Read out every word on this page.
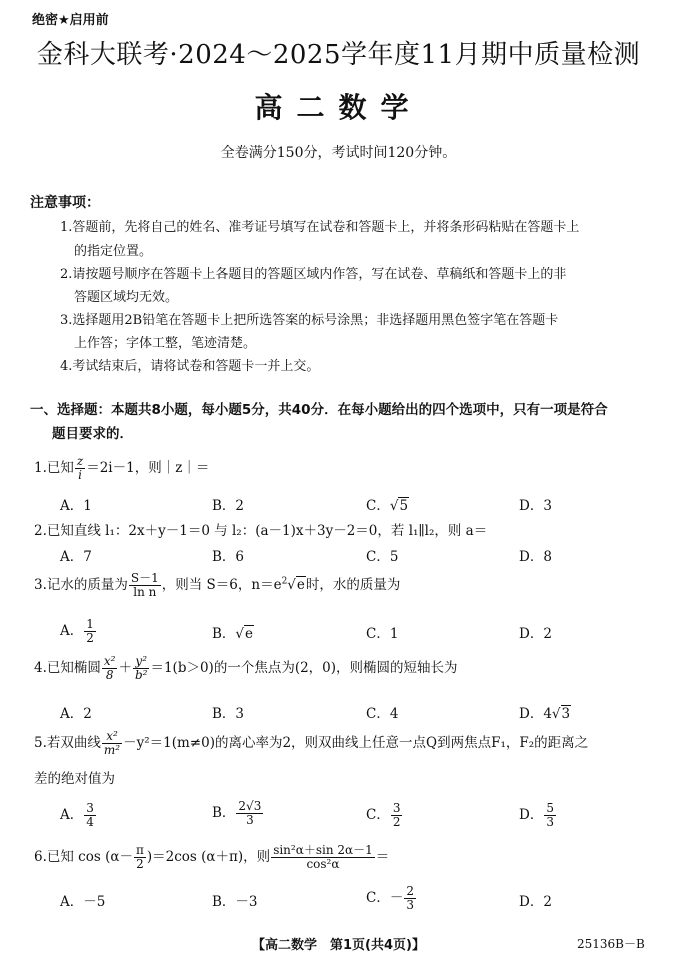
绝密★启用前
金科大联考·2024～2025学年度11月期中质量检测
高二数学
全卷满分150分，考试时间120分钟。
注意事项：
1.答题前，先将自己的姓名、准考证号填写在试卷和答题卡上，并将条形码粘贴在答题卡上
的指定位置。
2.请按题号顺序在答题卡上各题目的答题区域内作答，写在试卷、草稿纸和答题卡上的非
答题区域均无效。
3.选择题用2B铅笔在答题卡上把所选答案的标号涂黑；非选择题用黑色签字笔在答题卡
上作答；字体工整，笔迹清楚。
4.考试结束后，请将试卷和答题卡一并上交。
一、选择题：本题共8小题，每小题5分，共40分．在每小题给出的四个选项中，只有一项是符合
题目要求的．
1.已知 $\frac{z}{i} =2i-1$，则｜z｜＝
A．1	B．2	C．√5	D．3
2.已知直线 l₁：2x＋y－1＝0 与 l₂：(a－1)x＋3y－2＝0，若 l₁∥l₂，则 a＝
A．7	B．6	C．5	D．8
3.记水的质量为 $\frac{S-1}{\text{ln n}}$ ，则当 S＝6，$n=e^2√e$时，水的质量为
A． $\frac{1}{2}$	B．√e	C．1	D．2
4.已知椭圆 $\frac{\text{x²}}{8} + \frac{\text{y²}}{\text{b²}} =1(b>0)$的一个焦点为(2，0)，则椭圆的短轴长为
A．2	B．3	C．4	D．4√3
5.若双曲线 $\frac{\text{x²}}{\text{m²}} -y^2=1(m\ne 0)$的离心率为2，则双曲线上任意一点Q到两焦点F₁，F₂的距离之
差的绝对值为
A． $\frac{3}{4}$	B． $\frac{2√3}{3}$	C． $\frac{3}{2}$	D． $\frac{5}{3}$
6.已知 $\cos (\alpha- \frac{\pi}{2} )=2\cos$ (α＋π)，则 $\frac{\text{sin²α＋sin 2α－1}}{\text{cos²α}}$ ＝
A．－5	B．－3	C．－ $\frac{2}{3}$	D．2
【高二数学　第1页(共4页)】	25136B－B
